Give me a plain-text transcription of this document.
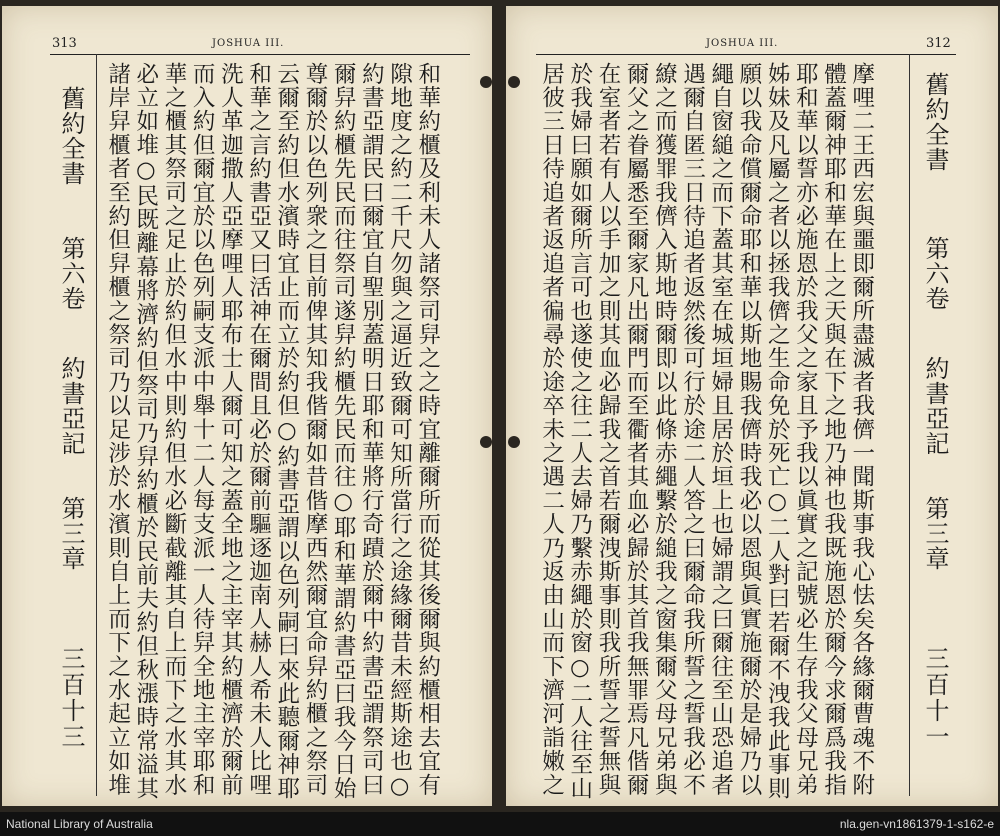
313	JOSHUA III.

和華約櫃及利未人諸祭司舁之之時宜離爾所而從其後爾與約櫃相去宜有隙地度之約二千尺勿與之逼近致爾可知所當行之途緣爾昔未經斯途也○約書亞謂民曰爾宜自聖別蓋明日耶和華將行奇蹟於爾中約書亞謂祭司曰爾舁約櫃先民而往祭司遂舁約櫃先民而往○耶和華謂約書亞曰我今日始尊爾於以色列衆之目前俾其知我偕爾如昔偕摩西然爾宜命舁約櫃之祭司云爾至約但水濱時宜止而立於約但○約書亞謂以色列嗣曰來此聽爾神耶和華之言約書亞又曰活神在爾間且必於爾前驅逐迦南人赫人希未人比哩洗人革迦撒人亞摩哩人耶布士人爾可知之蓋全地之主宰其約櫃濟於爾前而入約但爾宜於以色列嗣支派中舉十二人每支派一人待舁全地主宰耶和華之櫃其祭司之足止於約但水中則約但水必斷截離其自上而下之水其水必立如堆○民既離幕將濟約但祭司乃舁約櫃於民前夫約但秋漲時常溢其諸岸舁櫃者至約但舁櫃之祭司乃以足涉於水濱則自上而下之水起立如堆

舊約全書
第六卷
約書亞記
第三章
三百十三
JOSHUA III.	312

摩哩二王西宏與噩即爾所盡滅者我儕一聞斯事我心怯矣各緣爾曹魂不附體蓋爾神耶和華在上之天與在下之地乃神也我既施恩於爾今求爾爲我指耶和華以誓亦必施恩於我父之家且予我以眞實之記號必生存我父母兄弟姊妹及凡屬之者以拯我儕之生命免於死亡○二人對曰若爾不洩我此事則願以我命償爾命耶和華以斯地賜我儕時我必以恩與眞實施爾於是婦乃以繩自窗縋之而下蓋其室在城垣婦且居於垣上也婦謂之曰爾往至山恐追者遇爾自匿三日待追者返然後可行於途二人答之曰爾命我所誓之誓我必不繚之而獲罪我儕入斯地時爾即以此條赤繩繫於縋我之窗集爾父母兄弟與爾父之眷屬悉至爾家凡出爾門而至衢者其血必歸於其首我無罪焉凡偕爾在室者若有人以手加之則其血必歸我之首若爾洩斯事則我所誓之誓無與於我婦曰願如爾所言可也遂使之往二人去婦乃繫赤繩於窗○二人往至山居彼三日待追者返追者徧尋於途卒未之遇二人乃返由山而下濟河詣嫩之

舊約全書
第六卷
約書亞記
第三章
三百十一
National Library of Australia	nla.gen-vn1861379-1-s162-e
